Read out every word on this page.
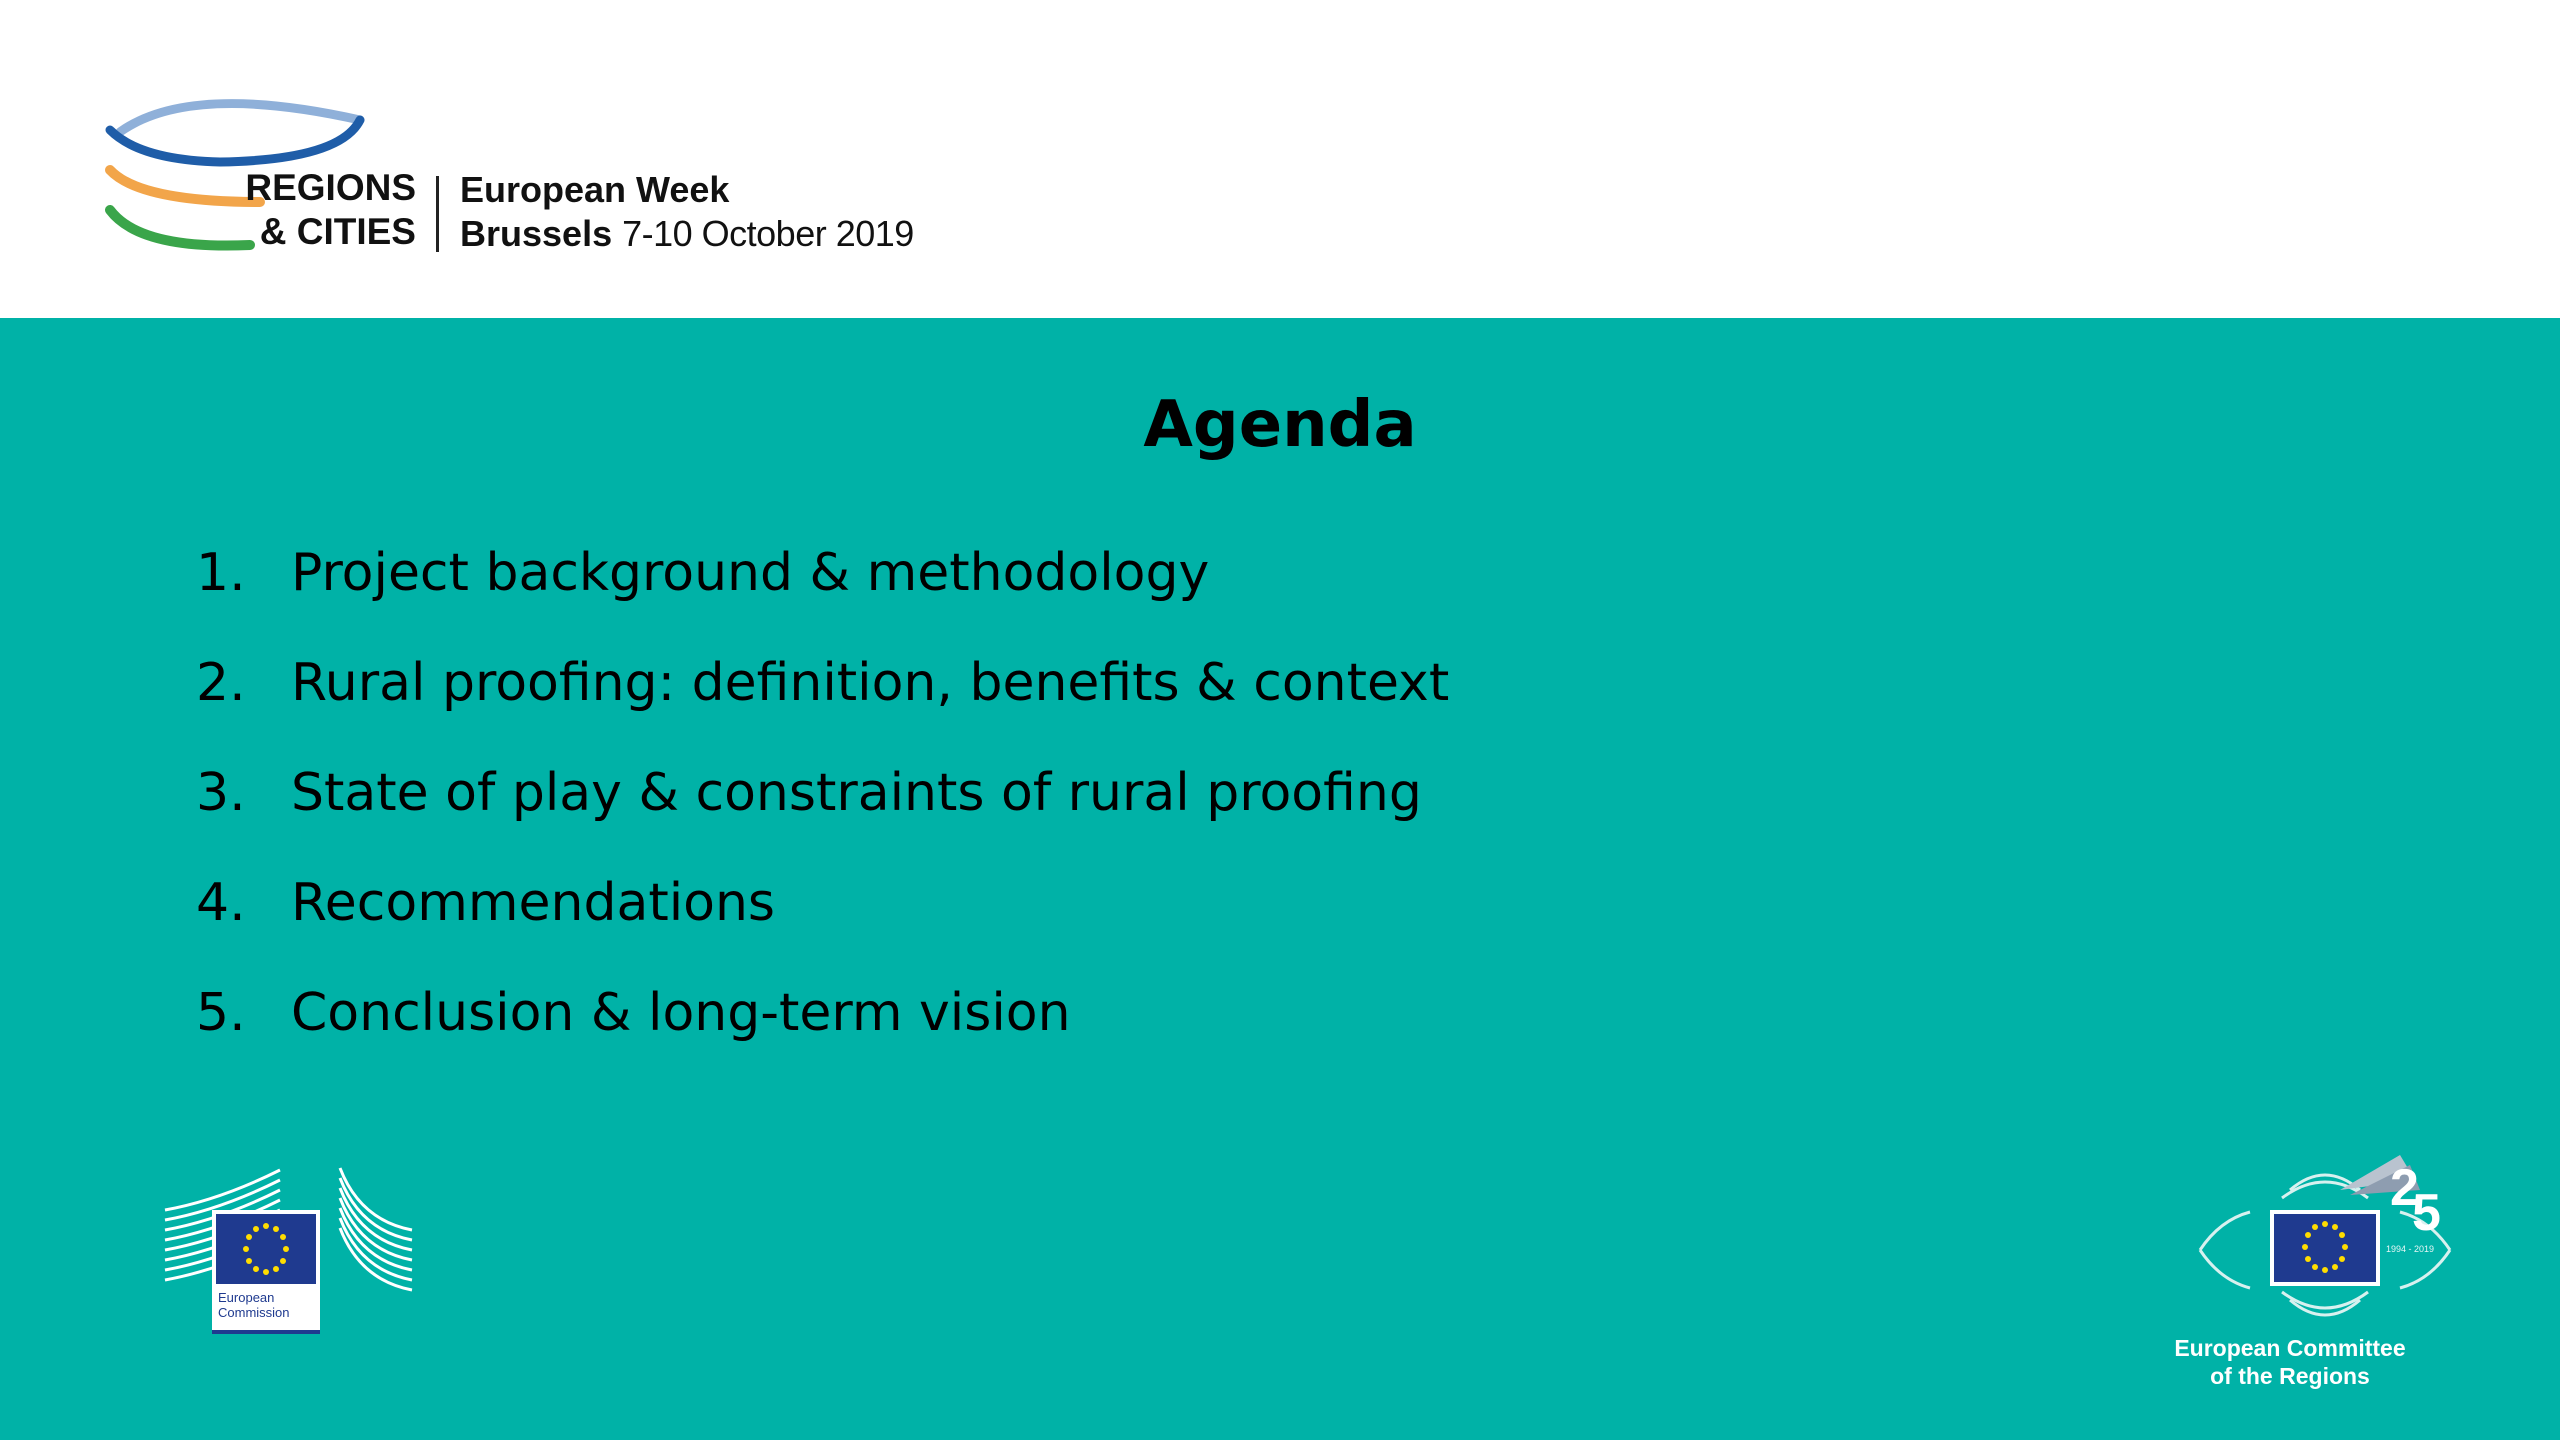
REGIONS
& CITIES
European Week
Brussels 7-10 October 2019
Agenda
1. Project background & methodology
2. Rural proofing: definition, benefits & context
3. State of play & constraints of rural proofing
4. Recommendations
5. Conclusion & long-term vision
European
Commission
2
5
1994 - 2019
European Committee
of the Regions
